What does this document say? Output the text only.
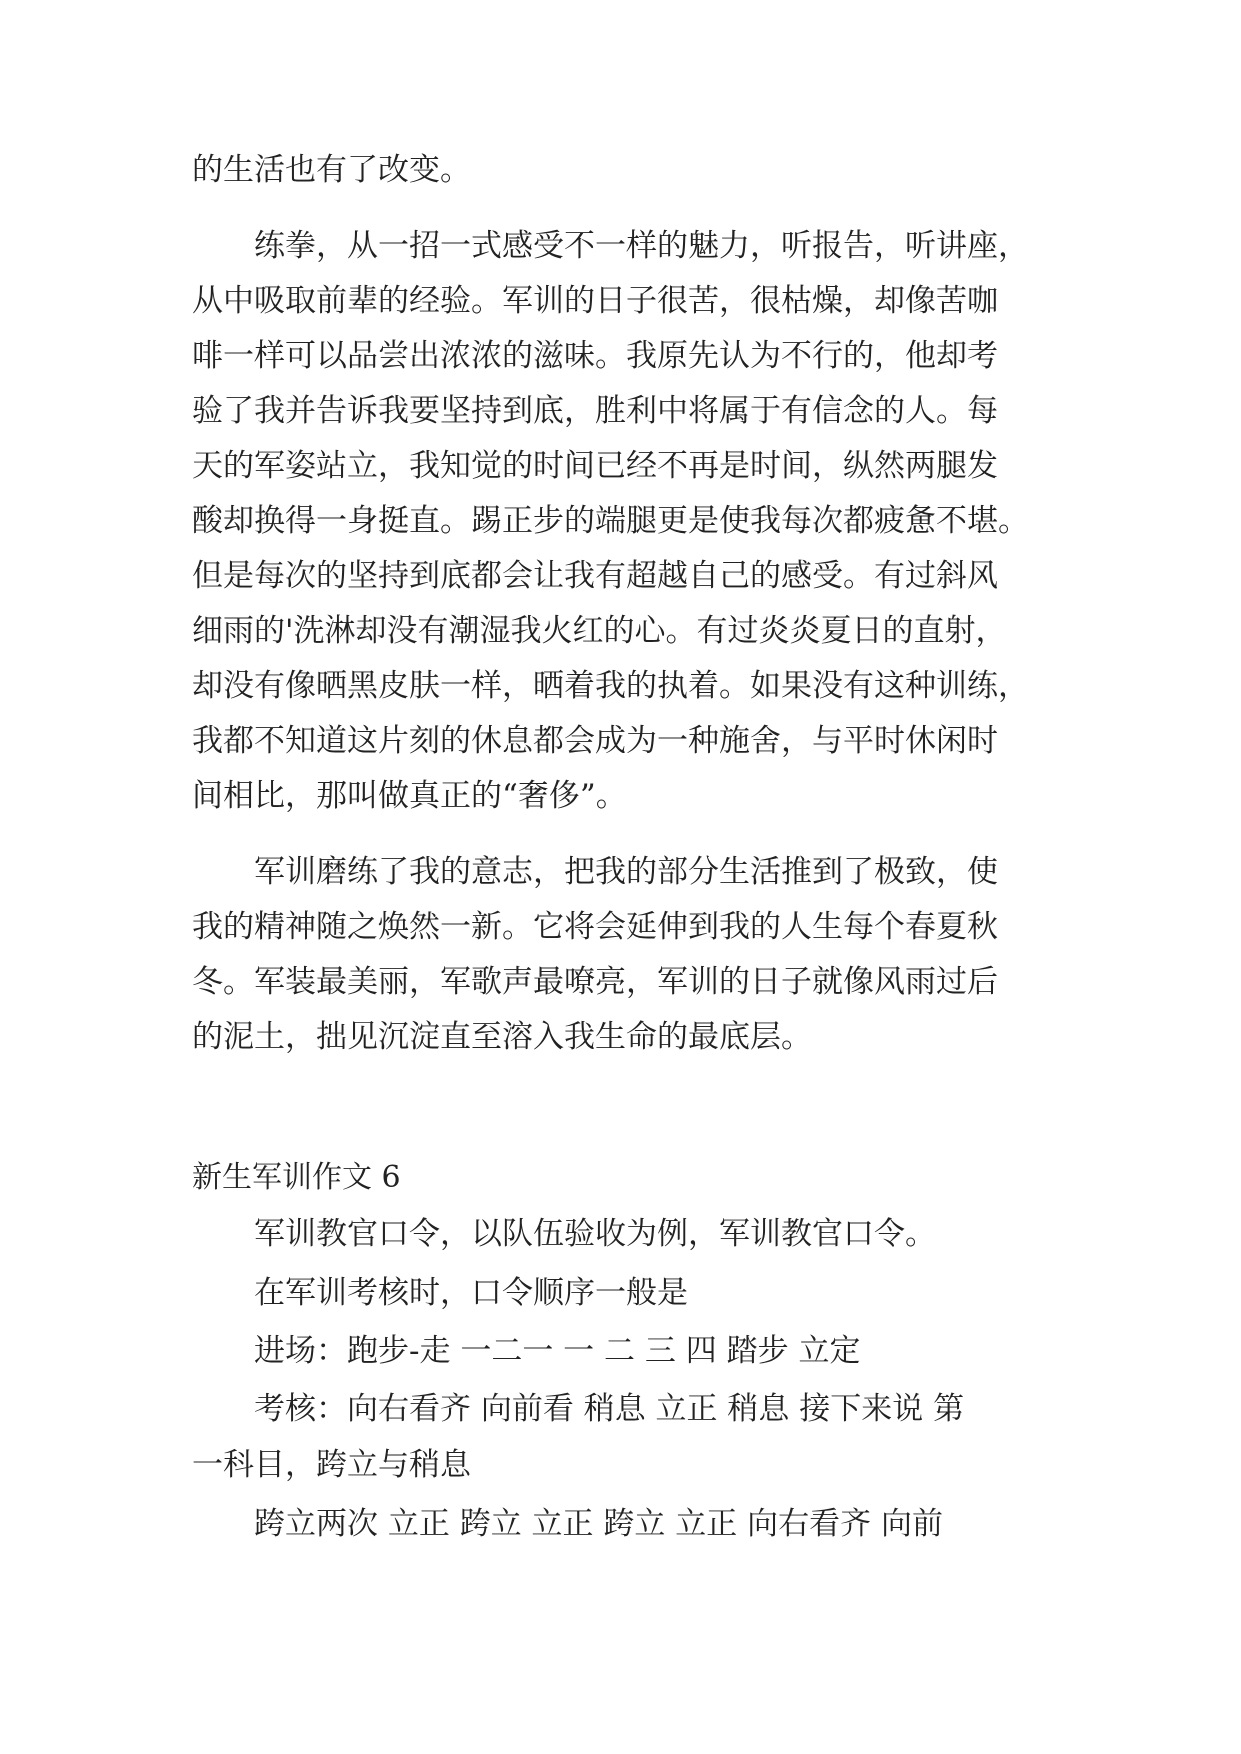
的生活也有了改变。
练拳，从一招一式感受不一样的魅力，听报告，听讲座，
从中吸取前辈的经验。军训的日子很苦，很枯燥，却像苦咖
啡一样可以品尝出浓浓的滋味。我原先认为不行的，他却考
验了我并告诉我要坚持到底，胜利中将属于有信念的人。每
天的军姿站立，我知觉的时间已经不再是时间，纵然两腿发
酸却换得一身挺直。踢正步的端腿更是使我每次都疲惫不堪。
但是每次的坚持到底都会让我有超越自己的感受。有过斜风
细雨的'洗淋却没有潮湿我火红的心。有过炎炎夏日的直射，
却没有像晒黑皮肤一样，晒着我的执着。如果没有这种训练，
我都不知道这片刻的休息都会成为一种施舍，与平时休闲时
间相比，那叫做真正的“奢侈”。
军训磨练了我的意志，把我的部分生活推到了极致，使
我的精神随之焕然一新。它将会延伸到我的人生每个春夏秋
冬。军装最美丽，军歌声最嘹亮，军训的日子就像风雨过后
的泥土，拙见沉淀直至溶入我生命的最底层。
新生军训作文 6
军训教官口令，以队伍验收为例，军训教官口令。
在军训考核时，口令顺序一般是
进场：跑步-走 一二一 一 二 三 四 踏步 立定
考核：向右看齐 向前看 稍息 立正 稍息 接下来说 第
一科目，跨立与稍息
跨立两次 立正 跨立 立正 跨立 立正 向右看齐 向前
